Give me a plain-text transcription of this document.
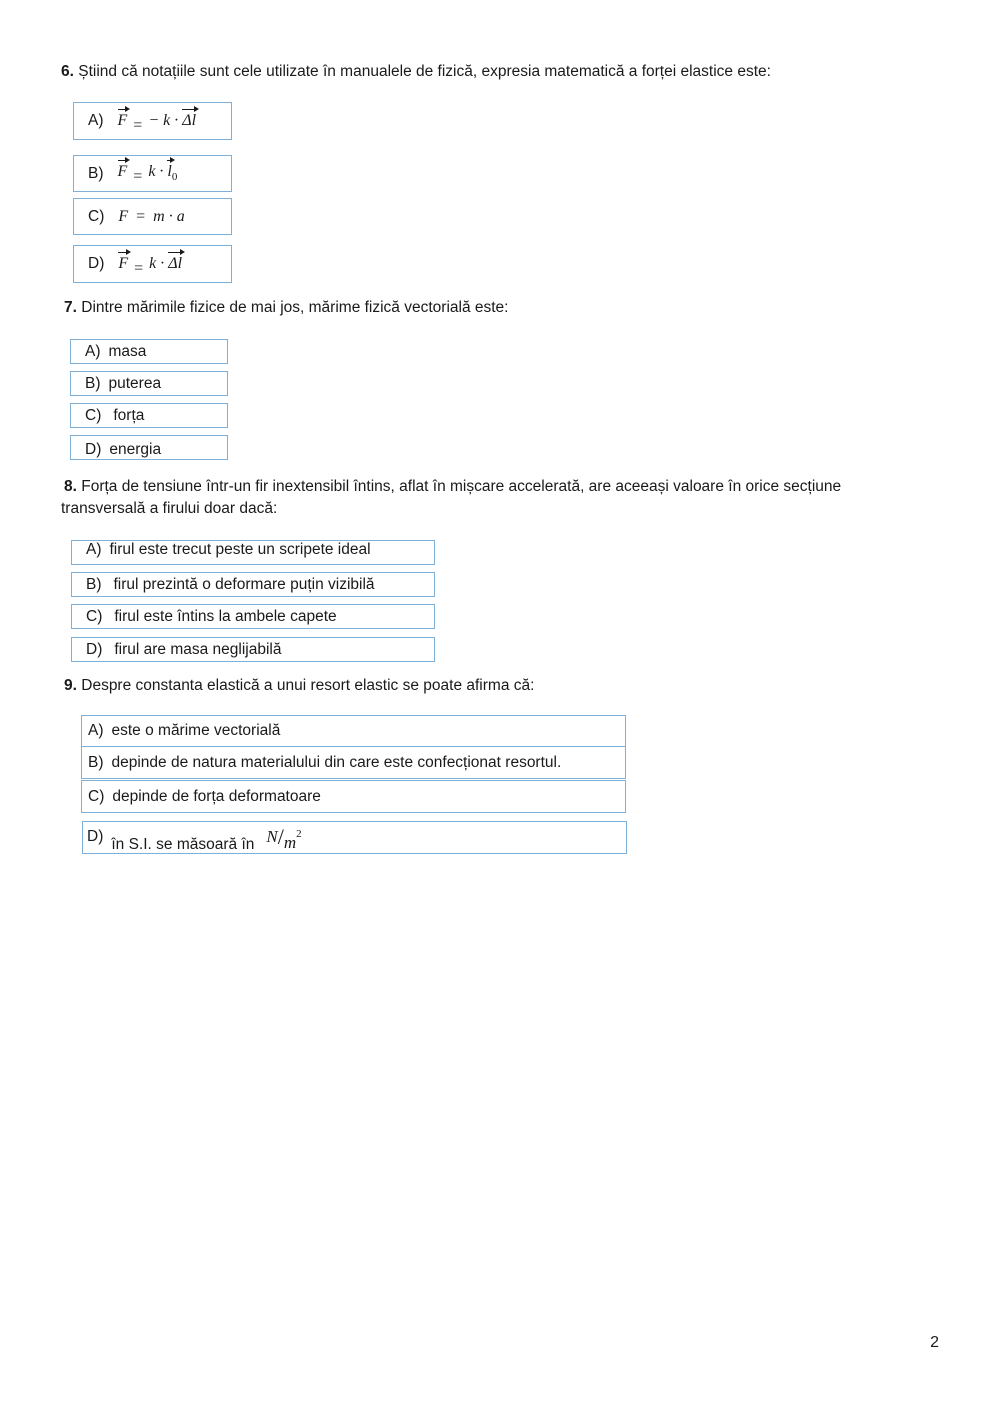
6. Știind că notațiile sunt cele utilizate în manualele de fizică, expresia matematică a forței elastice este:
A) F = − k · Δl
B) $F = k \cdot l_0$
C) F = m · a
D) F = k · Δl
7. Dintre mărimile fizice de mai jos, mărime fizică vectorială este:
A) masa
B) puterea
C) forța
D) energia
8. Forța de tensiune într-un fir inextensibil întins, aflat în mișcare accelerată, are aceeași valoare în orice secțiune transversală a firului doar dacă:
A) firul este trecut peste un scripete ideal
B) firul prezintă o deformare puțin vizibilă
C) firul este întins la ambele capete
D) firul are masa neglijabilă
9. Despre constanta elastică a unui resort elastic se poate afirma că:
A) este o mărime vectorială
B) depinde de natura materialului din care este confecționat resortul.
C) depinde de forța deformatoare
D) în S.I. se măsoară în $N/m^2$
2
